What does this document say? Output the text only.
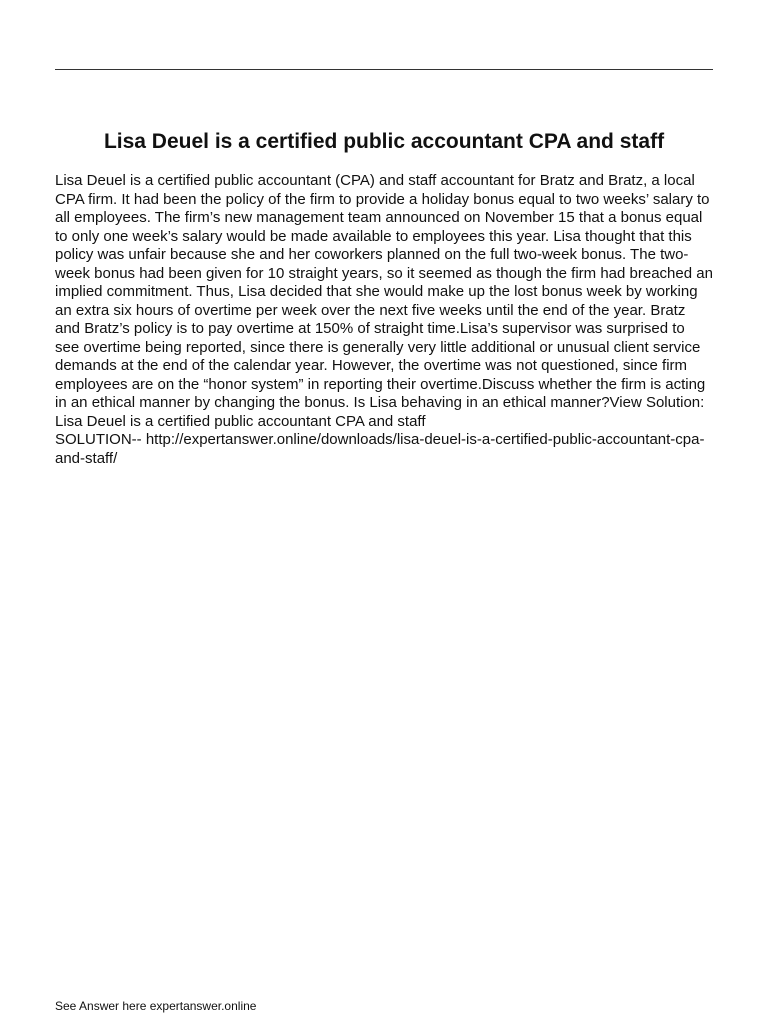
Lisa Deuel is a certified public accountant CPA and staff

Lisa Deuel is a certified public accountant (CPA) and staff accountant for Bratz and Bratz, a local CPA firm. It had been the policy of the firm to provide a holiday bonus equal to two weeks’ salary to all employees. The firm’s new management team announced on November 15 that a bonus equal to only one week’s salary would be made available to employees this year. Lisa thought that this policy was unfair because she and her coworkers planned on the full two-week bonus. The two-week bonus had been given for 10 straight years, so it seemed as though the firm had breached an implied commitment. Thus, Lisa decided that she would make up the lost bonus week by working an extra six hours of overtime per week over the next five weeks until the end of the year. Bratz and Bratz’s policy is to pay overtime at 150% of straight time.Lisa’s supervisor was surprised to see overtime being reported, since there is generally very little additional or unusual client service demands at the end of the calendar year. However, the overtime was not questioned, since firm employees are on the “honor system” in reporting their overtime.Discuss whether the firm is acting in an ethical manner by changing the bonus. Is Lisa behaving in an ethical manner?View Solution:

Lisa Deuel is a certified public accountant CPA and staff

SOLUTION-- http://expertanswer.online/downloads/lisa-deuel-is-a-certified-public-accountant-cpa-and-staff/

See Answer here expertanswer.online
